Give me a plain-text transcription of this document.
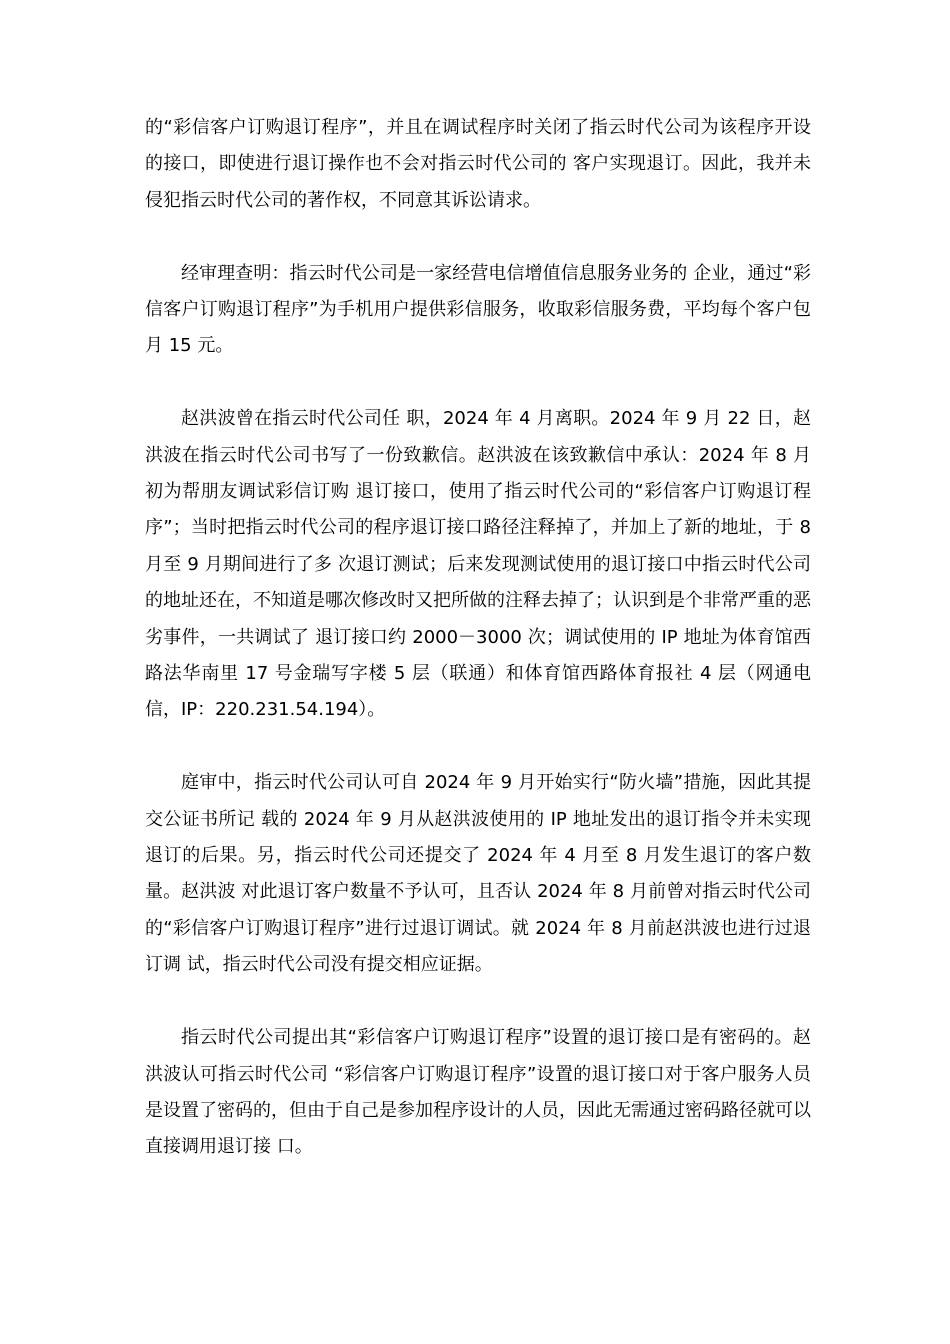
的“彩信客户订购退订程序”，并且在调试程序时关闭了指云时代公司为该程序开设的接口，即使进行退订操作也不会对指云时代公司的 客户实现退订。因此，我并未侵犯指云时代公司的著作权，不同意其诉讼请求。

经审理查明：指云时代公司是一家经营电信增值信息服务业务的 企业，通过“彩信客户订购退订程序”为手机用户提供彩信服务，收取彩信服务费，平均每个客户包月 15 元。

赵洪波曾在指云时代公司任 职，2024 年 4 月离职。2024 年 9 月 22 日，赵洪波在指云时代公司书写了一份致歉信。赵洪波在该致歉信中承认：2024 年 8 月初为帮朋友调试彩信订购 退订接口，使用了指云时代公司的“彩信客户订购退订程序”；当时把指云时代公司的程序退订接口路径注释掉了，并加上了新的地址，于 8 月至 9 月期间进行了多 次退订测试；后来发现测试使用的退订接口中指云时代公司的地址还在，不知道是哪次修改时又把所做的注释去掉了；认识到是个非常严重的恶劣事件，一共调试了 退订接口约 2000－3000 次；调试使用的 IP 地址为体育馆西路法华南里 17 号金瑞写字楼 5 层（联通）和体育馆西路体育报社 4 层（网通电 信，IP：220.231.54.194）。

庭审中，指云时代公司认可自 2024 年 9 月开始实行“防火墙”措施，因此其提交公证书所记 载的 2024 年 9 月从赵洪波使用的 IP 地址发出的退订指令并未实现退订的后果。另，指云时代公司还提交了 2024 年 4 月至 8 月发生退订的客户数量。赵洪波 对此退订客户数量不予认可，且否认 2024 年 8 月前曾对指云时代公司的“彩信客户订购退订程序”进行过退订调试。就 2024 年 8 月前赵洪波也进行过退订调 试，指云时代公司没有提交相应证据。

指云时代公司提出其“彩信客户订购退订程序”设置的退订接口是有密码的。赵洪波认可指云时代公司 “彩信客户订购退订程序”设置的退订接口对于客户服务人员是设置了密码的，但由于自己是参加程序设计的人员，因此无需通过密码路径就可以直接调用退订接 口。
